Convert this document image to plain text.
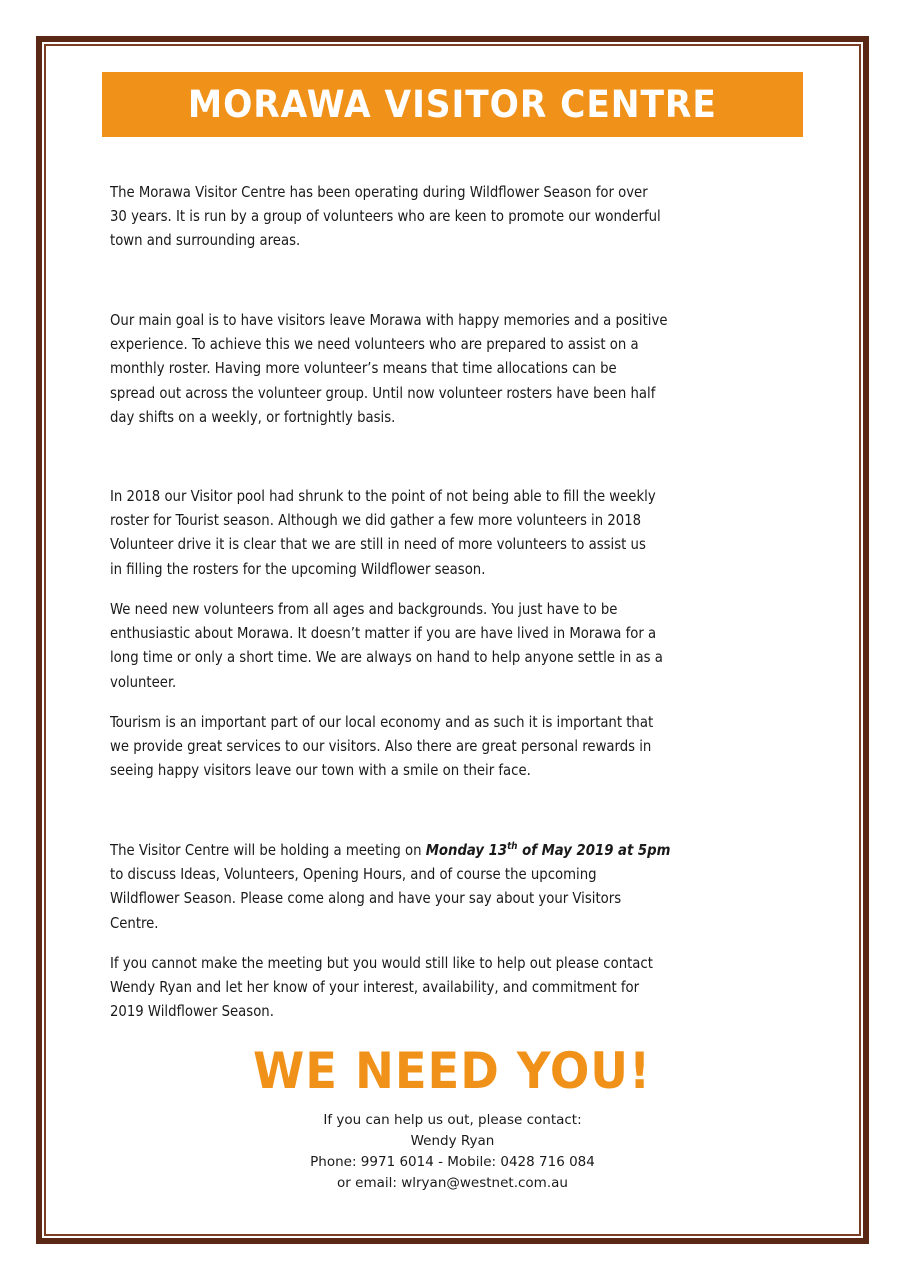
MORAWA VISITOR CENTRE
The Morawa Visitor Centre has been operating during Wildflower Season for over
30 years. It is run by a group of volunteers who are keen to promote our wonderful
town and surrounding areas.
Our main goal is to have visitors leave Morawa with happy memories and a positive
experience. To achieve this we need volunteers who are prepared to assist on a
monthly roster. Having more volunteer’s means that time allocations can be
spread out across the volunteer group. Until now volunteer rosters have been half
day shifts on a weekly, or fortnightly basis.
In 2018 our Visitor pool had shrunk to the point of not being able to fill the weekly
roster for Tourist season. Although we did gather a few more volunteers in 2018
Volunteer drive it is clear that we are still in need of more volunteers to assist us
in filling the rosters for the upcoming Wildflower season.
We need new volunteers from all ages and backgrounds. You just have to be
enthusiastic about Morawa. It doesn’t matter if you are have lived in Morawa for a
long time or only a short time. We are always on hand to help anyone settle in as a
volunteer.
Tourism is an important part of our local economy and as such it is important that
we provide great services to our visitors. Also there are great personal rewards in
seeing happy visitors leave our town with a smile on their face.
The Visitor Centre will be holding a meeting on Monday 13th of May 2019 at 5pm
to discuss Ideas, Volunteers, Opening Hours, and of course the upcoming
Wildflower Season. Please come along and have your say about your Visitors
Centre.
If you cannot make the meeting but you would still like to help out please contact
Wendy Ryan and let her know of your interest, availability, and commitment for
2019 Wildflower Season.
WE NEED YOU!
If you can help us out, please contact:
Wendy Ryan
Phone: 9971 6014 - Mobile: 0428 716 084
or email: wlryan@westnet.com.au
